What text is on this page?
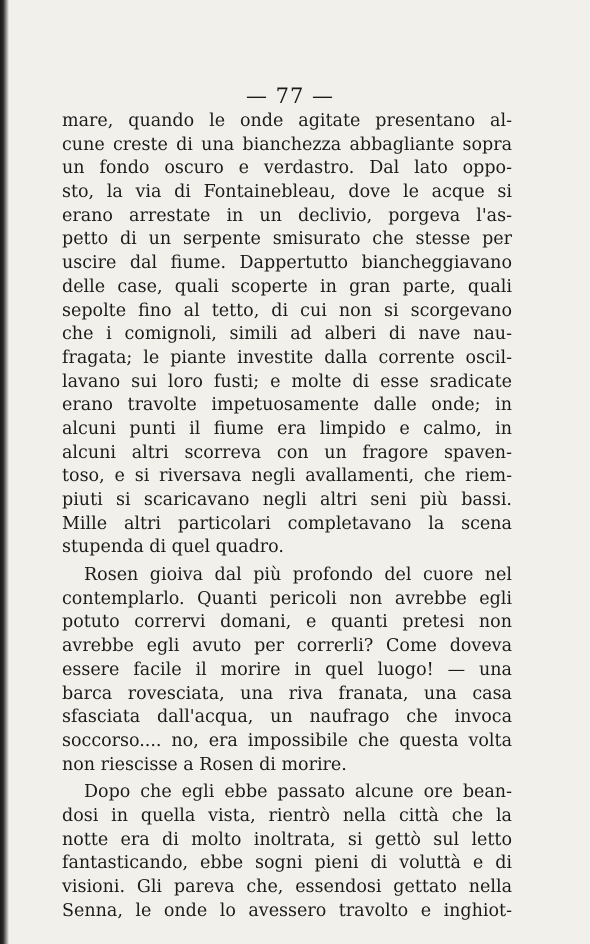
— 77 —
mare, quando le onde agitate presentano al-
cune creste di una bianchezza abbagliante sopra
un fondo oscuro e verdastro. Dal lato oppo-
sto, la via di Fontainebleau, dove le acque si
erano arrestate in un declivio, porgeva l'as-
petto di un serpente smisurato che stesse per
uscire dal fiume. Dappertutto biancheggiavano
delle case, quali scoperte in gran parte, quali
sepolte fino al tetto, di cui non si scorgevano
che i comignoli, simili ad alberi di nave nau-
fragata; le piante investite dalla corrente oscil-
lavano sui loro fusti; e molte di esse sradicate
erano travolte impetuosamente dalle onde; in
alcuni punti il fiume era limpido e calmo, in
alcuni altri scorreva con un fragore spaven-
toso, e si riversava negli avallamenti, che riem-
piuti si scaricavano negli altri seni più bassi.
Mille altri particolari completavano la scena
stupenda di quel quadro.
Rosen gioiva dal più profondo del cuore nel
contemplarlo. Quanti pericoli non avrebbe egli
potuto corrervi domani, e quanti pretesi non
avrebbe egli avuto per correrli? Come doveva
essere facile il morire in quel luogo! — una
barca rovesciata, una riva franata, una casa
sfasciata dall'acqua, un naufrago che invoca
soccorso.... no, era impossibile che questa volta
non riescisse a Rosen di morire.
Dopo che egli ebbe passato alcune ore bean-
dosi in quella vista, rientrò nella città che la
notte era di molto inoltrata, si gettò sul letto
fantasticando, ebbe sogni pieni di voluttà e di
visioni. Gli pareva che, essendosi gettato nella
Senna, le onde lo avessero travolto e inghiot-
